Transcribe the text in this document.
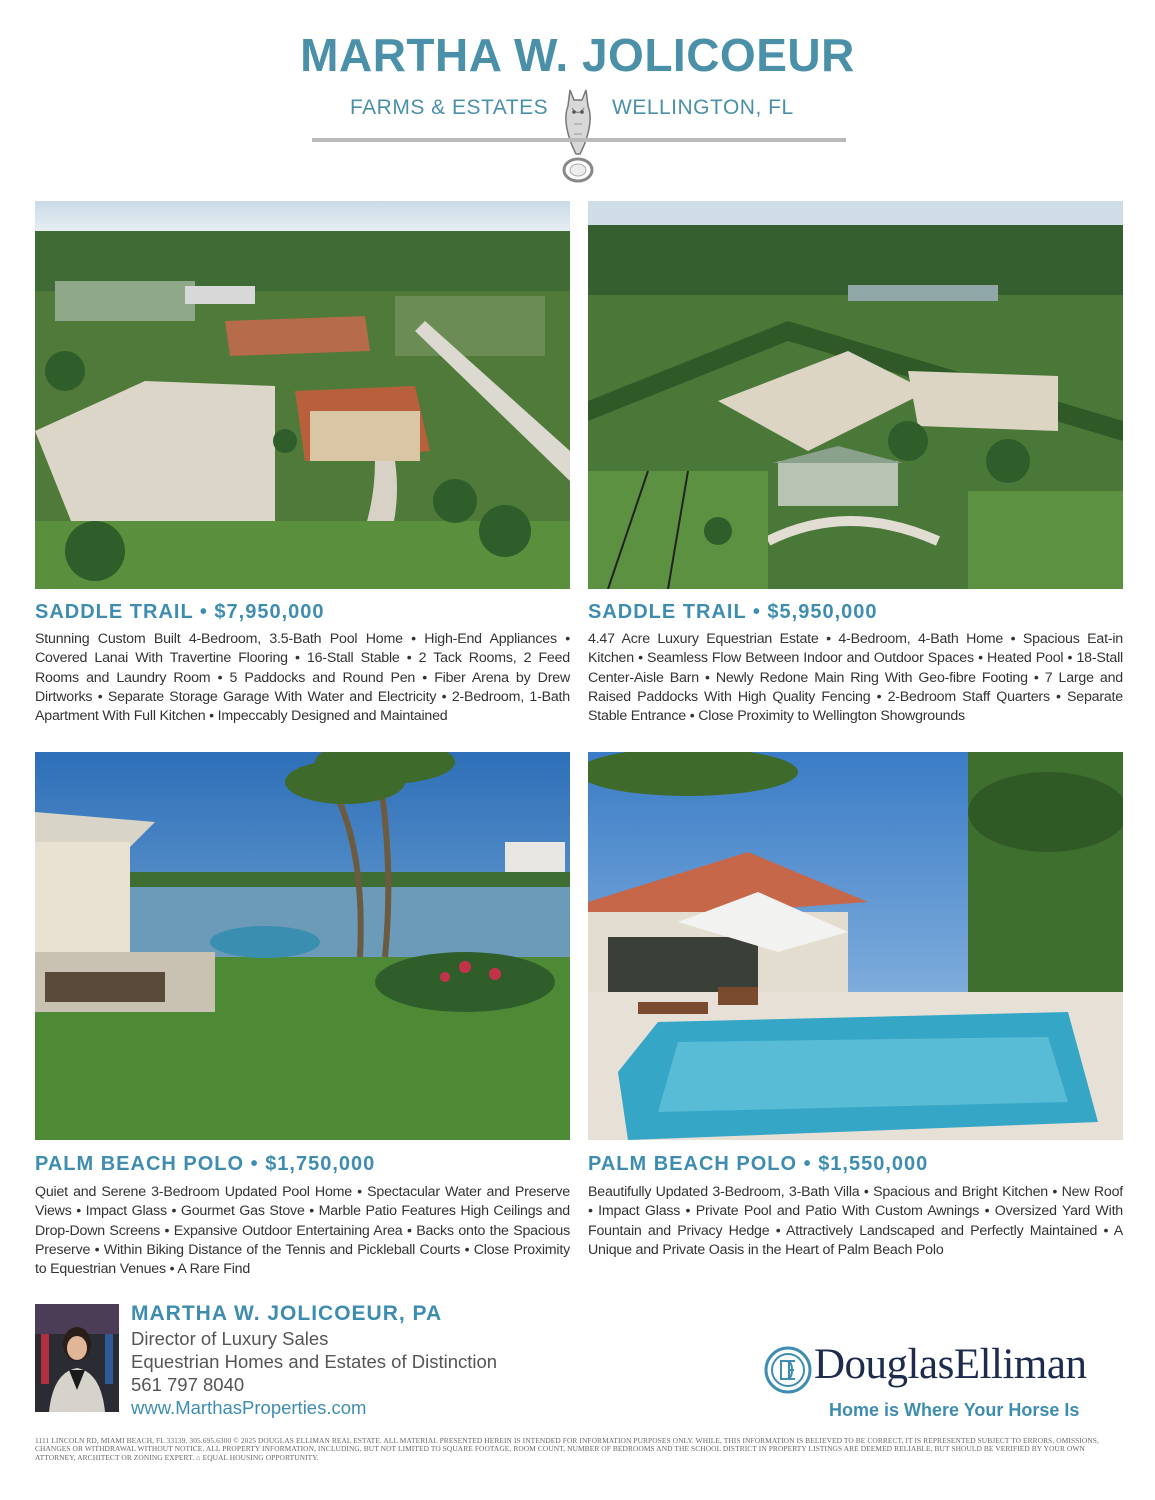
MARTHA W. JOLICOEUR
FARMS & ESTATES	WELLINGTON, FL
SADDLE TRAIL • $7,950,000
Stunning Custom Built 4-Bedroom, 3.5-Bath Pool Home • High-End Appliances • Covered Lanai With Travertine Flooring • 16-Stall Stable • 2 Tack Rooms, 2 Feed Rooms and Laundry Room • 5 Paddocks and Round Pen • Fiber Arena by Drew Dirtworks • Separate Storage Garage With Water and Electricity • 2-Bedroom, 1-Bath Apartment With Full Kitchen • Impeccably Designed and Maintained
SADDLE TRAIL • $5,950,000
4.47 Acre Luxury Equestrian Estate • 4-Bedroom, 4-Bath Home • Spacious Eat-in Kitchen • Seamless Flow Between Indoor and Outdoor Spaces • Heated Pool • 18-Stall Center-Aisle Barn • Newly Redone Main Ring With Geo-fibre Footing • 7 Large and Raised Paddocks With High Quality Fencing • 2-Bedroom Staff Quarters • Separate Stable Entrance • Close Proximity to Wellington Showgrounds
PALM BEACH POLO • $1,750,000
Quiet and Serene 3-Bedroom Updated Pool Home • Spectacular Water and Preserve Views • Impact Glass • Gourmet Gas Stove • Marble Patio Features High Ceilings and Drop-Down Screens • Expansive Outdoor Entertaining Area • Backs onto the Spacious Preserve • Within Biking Distance of the Tennis and Pickleball Courts • Close Proximity to Equestrian Venues • A Rare Find
PALM BEACH POLO • $1,550,000
Beautifully Updated 3-Bedroom, 3-Bath Villa • Spacious and Bright Kitchen • New Roof • Impact Glass • Private Pool and Patio With Custom Awnings • Oversized Yard With Fountain and Privacy Hedge • Attractively Landscaped and Perfectly Maintained • A Unique and Private Oasis in the Heart of Palm Beach Polo
MARTHA W. JOLICOEUR, PA
Director of Luxury Sales
Equestrian Homes and Estates of Distinction
561 797 8040
www.MarthasProperties.com
DouglasElliman
Home is Where Your Horse Is
1111 LINCOLN RD, MIAMI BEACH, FL 33139. 305.695.6300 © 2025 DOUGLAS ELLIMAN REAL ESTATE. ALL MATERIAL PRESENTED HEREIN IS INTENDED FOR INFORMATION PURPOSES ONLY. WHILE, THIS INFORMATION IS BELIEVED TO BE CORRECT, IT IS REPRESENTED SUBJECT TO ERRORS, OMISSIONS, CHANGES OR WITHDRAWAL WITHOUT NOTICE. ALL PROPERTY INFORMATION, INCLUDING, BUT NOT LIMITED TO SQUARE FOOTAGE, ROOM COUNT, NUMBER OF BEDROOMS AND THE SCHOOL DISTRICT IN PROPERTY LISTINGS ARE DEEMED RELIABLE, BUT SHOULD BE VERIFIED BY YOUR OWN ATTORNEY, ARCHITECT OR ZONING EXPERT. ⌂ EQUAL HOUSING OPPORTUNITY.
